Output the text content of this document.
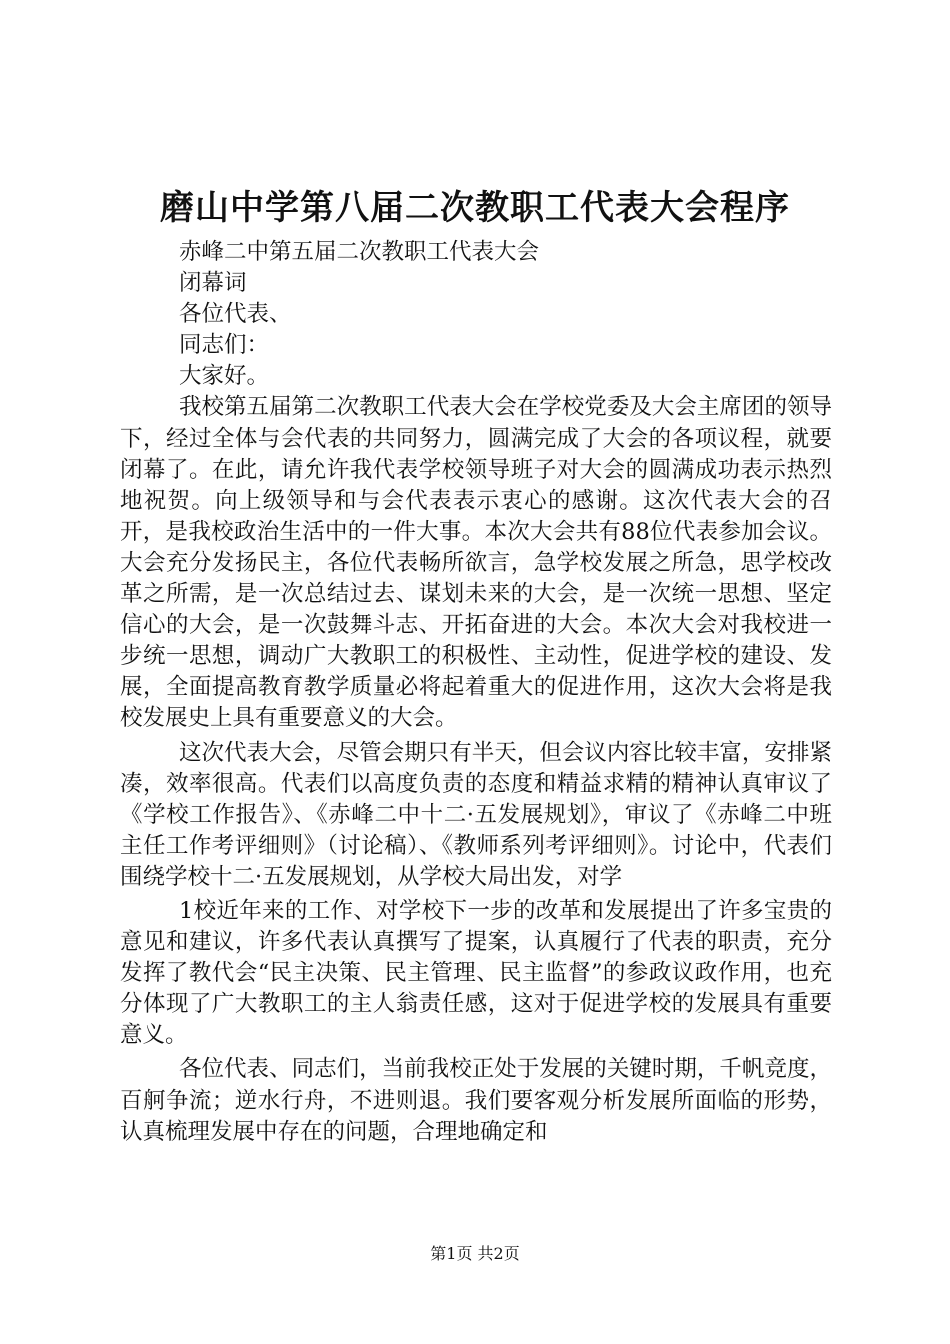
磨山中学第八届二次教职工代表大会程序

赤峰二中第五届二次教职工代表大会

闭幕词

各位代表、

同志们：

大家好。

我校第五届第二次教职工代表大会在学校党委及大会主席团的领导下，经过全体与会代表的共同努力，圆满完成了大会的各项议程，就要闭幕了。在此，请允许我代表学校领导班子对大会的圆满成功表示热烈地祝贺。向上级领导和与会代表表示衷心的感谢。这次代表大会的召开，是我校政治生活中的一件大事。本次大会共有88位代表参加会议。大会充分发扬民主，各位代表畅所欲言，急学校发展之所急，思学校改革之所需，是一次总结过去、谋划未来的大会，是一次统一思想、坚定信心的大会，是一次鼓舞斗志、开拓奋进的大会。本次大会对我校进一步统一思想，调动广大教职工的积极性、主动性，促进学校的建设、发展，全面提高教育教学质量必将起着重大的促进作用，这次大会将是我校发展史上具有重要意义的大会。

这次代表大会，尽管会期只有半天，但会议内容比较丰富，安排紧凑，效率很高。代表们以高度负责的态度和精益求精的精神认真审议了《学校工作报告》、《赤峰二中十二·五发展规划》，审议了《赤峰二中班主任工作考评细则》（讨论稿）、《教师系列考评细则》。讨论中，代表们围绕学校十二·五发展规划，从学校大局出发，对学

1校近年来的工作、对学校下一步的改革和发展提出了许多宝贵的意见和建议，许多代表认真撰写了提案，认真履行了代表的职责，充分发挥了教代会“民主决策、民主管理、民主监督”的参政议政作用，也充分体现了广大教职工的主人翁责任感，这对于促进学校的发展具有重要意义。

各位代表、同志们，当前我校正处于发展的关键时期，千帆竞度，百舸争流；逆水行舟，不进则退。我们要客观分析发展所面临的形势，认真梳理发展中存在的问题，合理地确定和

第1页 共2页
